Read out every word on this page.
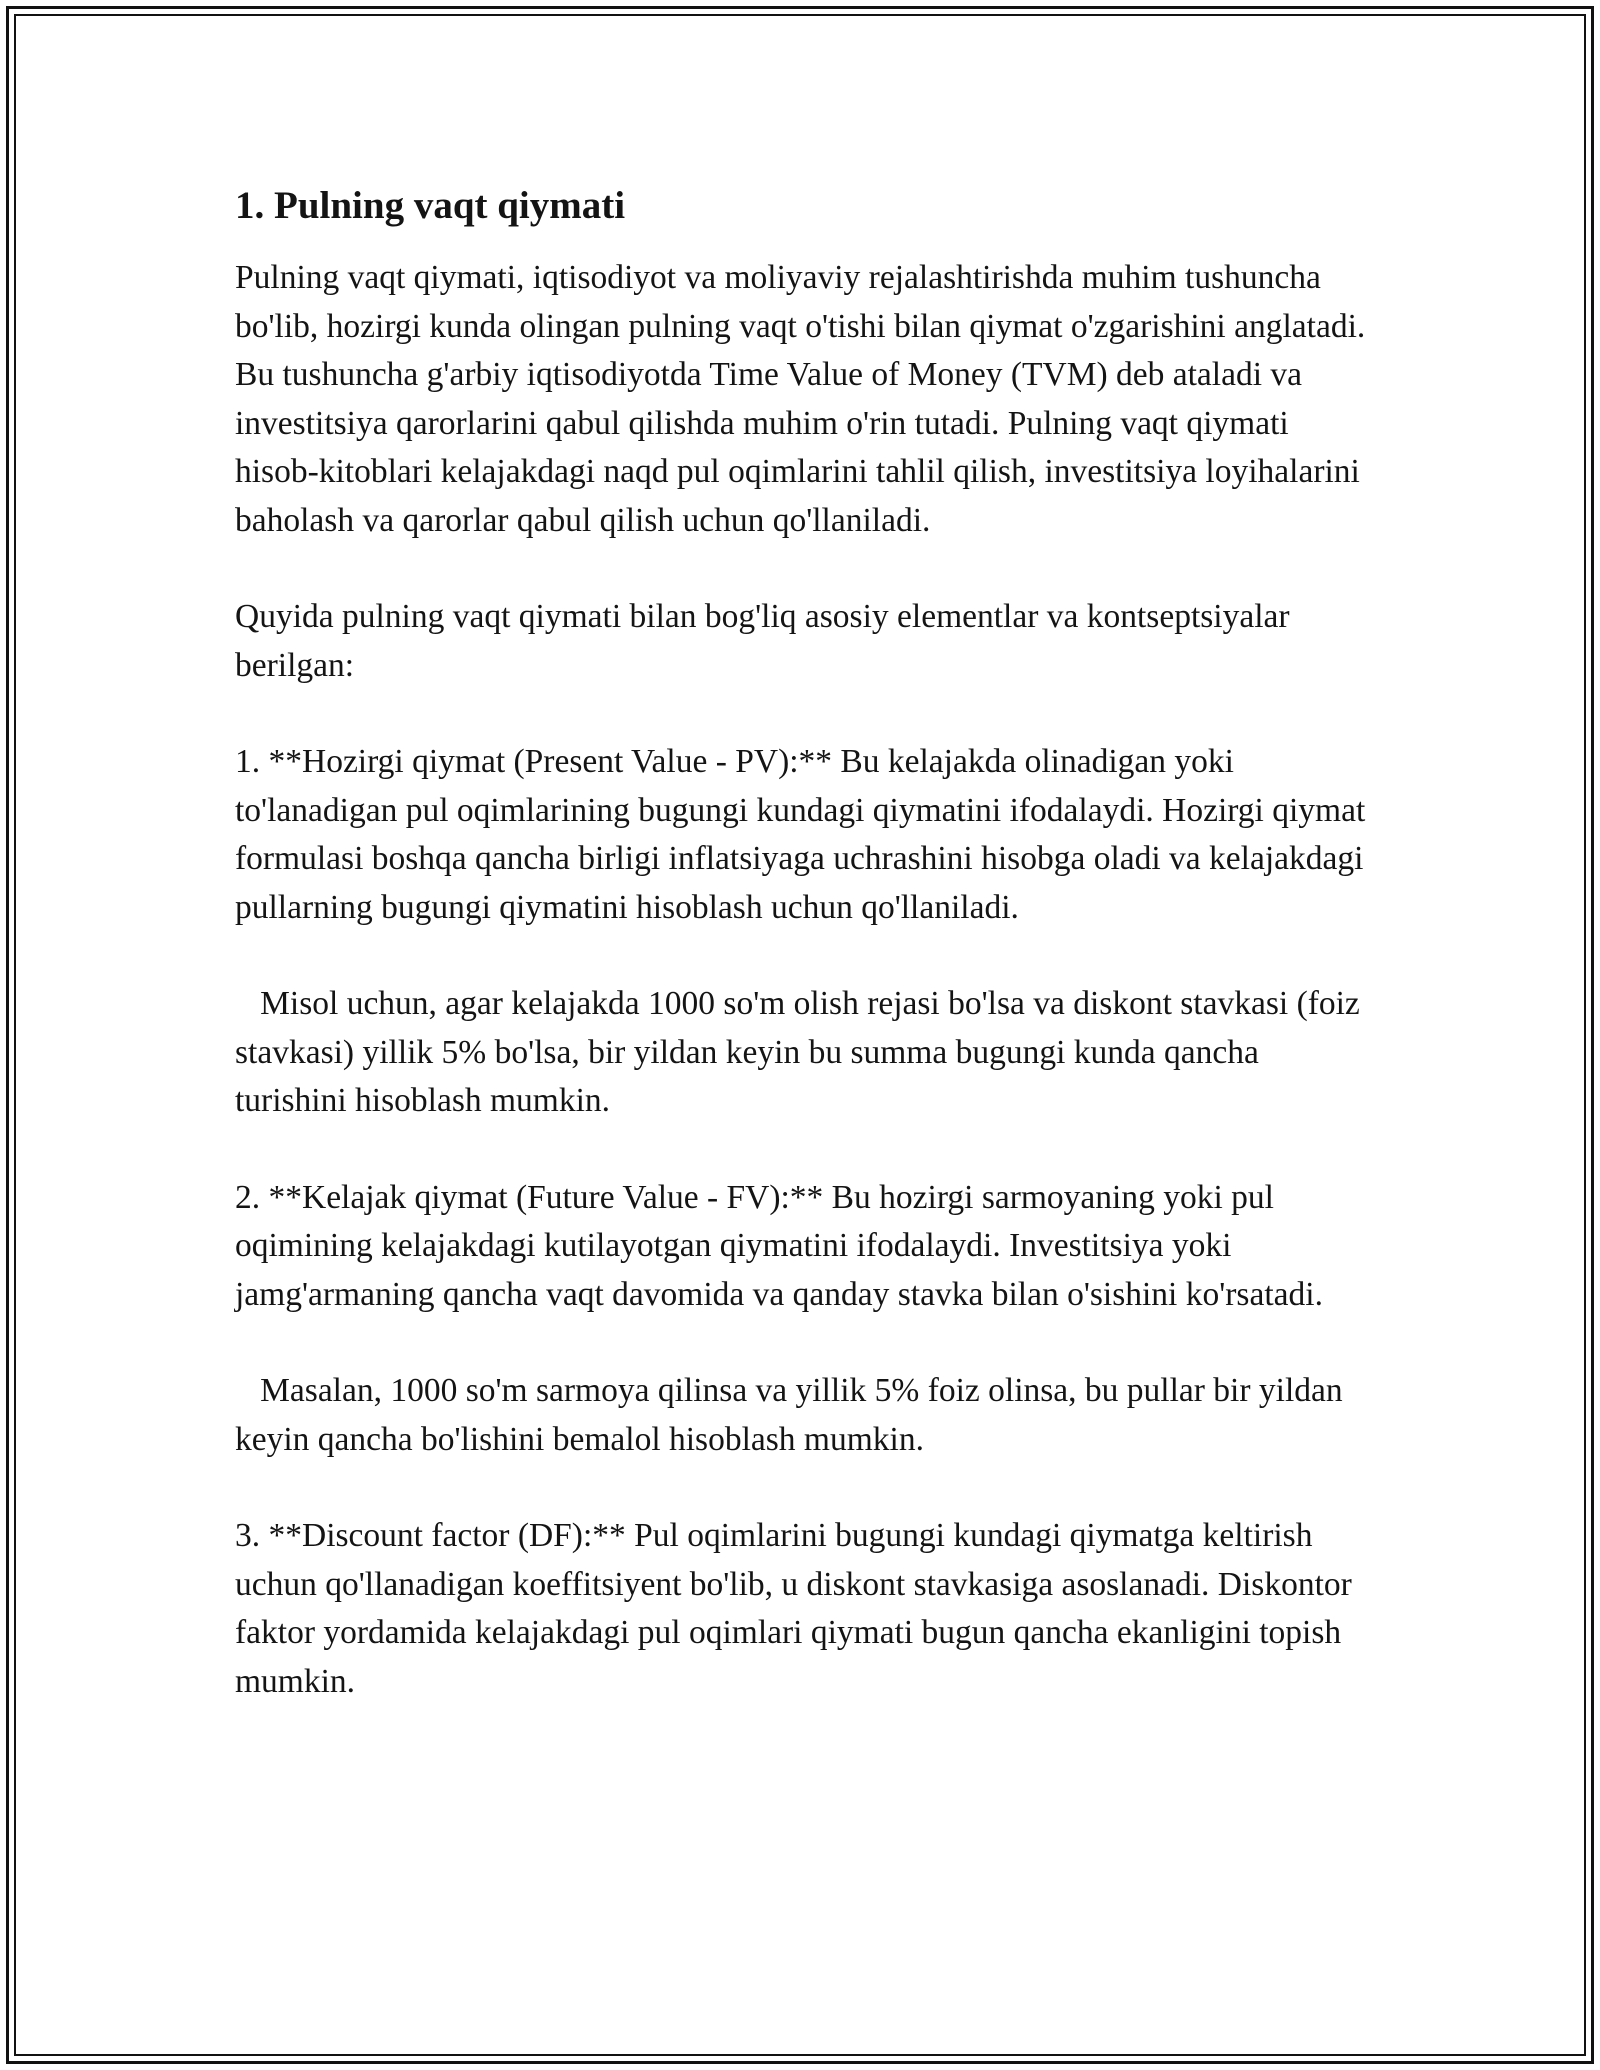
1. Pulning vaqt qiymati

Pulning vaqt qiymati, iqtisodiyot va moliyaviy rejalashtirishda muhim tushuncha bo'lib, hozirgi kunda olingan pulning vaqt o'tishi bilan qiymat o'zgarishini anglatadi. Bu tushuncha g'arbiy iqtisodiyotda Time Value of Money (TVM) deb ataladi va investitsiya qarorlarini qabul qilishda muhim o'rin tutadi. Pulning vaqt qiymati hisob-kitoblari kelajakdagi naqd pul oqimlarini tahlil qilish, investitsiya loyihalarini baholash va qarorlar qabul qilish uchun qo'llaniladi.

Quyida pulning vaqt qiymati bilan bog'liq asosiy elementlar va kontseptsiyalar berilgan:

1. **Hozirgi qiymat (Present Value - PV):** Bu kelajakda olinadigan yoki to'lanadigan pul oqimlarining bugungi kundagi qiymatini ifodalaydi. Hozirgi qiymat formulasi boshqa qancha birligi inflatsiyaga uchrashini hisobga oladi va kelajakdagi pullarning bugungi qiymatini hisoblash uchun qo'llaniladi.

Misol uchun, agar kelajakda 1000 so'm olish rejasi bo'lsa va diskont stavkasi (foiz stavkasi) yillik 5% bo'lsa, bir yildan keyin bu summa bugungi kunda qancha turishini hisoblash mumkin.

2. **Kelajak qiymat (Future Value - FV):** Bu hozirgi sarmoyaning yoki pul oqimining kelajakdagi kutilayotgan qiymatini ifodalaydi. Investitsiya yoki jamg'armaning qancha vaqt davomida va qanday stavka bilan o'sishini ko'rsatadi.

Masalan, 1000 so'm sarmoya qilinsa va yillik 5% foiz olinsa, bu pullar bir yildan keyin qancha bo'lishini bemalol hisoblash mumkin.

3. **Discount factor (DF):** Pul oqimlarini bugungi kundagi qiymatga keltirish uchun qo'llanadigan koeffitsiyent bo'lib, u diskont stavkasiga asoslanadi. Diskontor faktor yordamida kelajakdagi pul oqimlari qiymati bugun qancha ekanligini topish mumkin.
